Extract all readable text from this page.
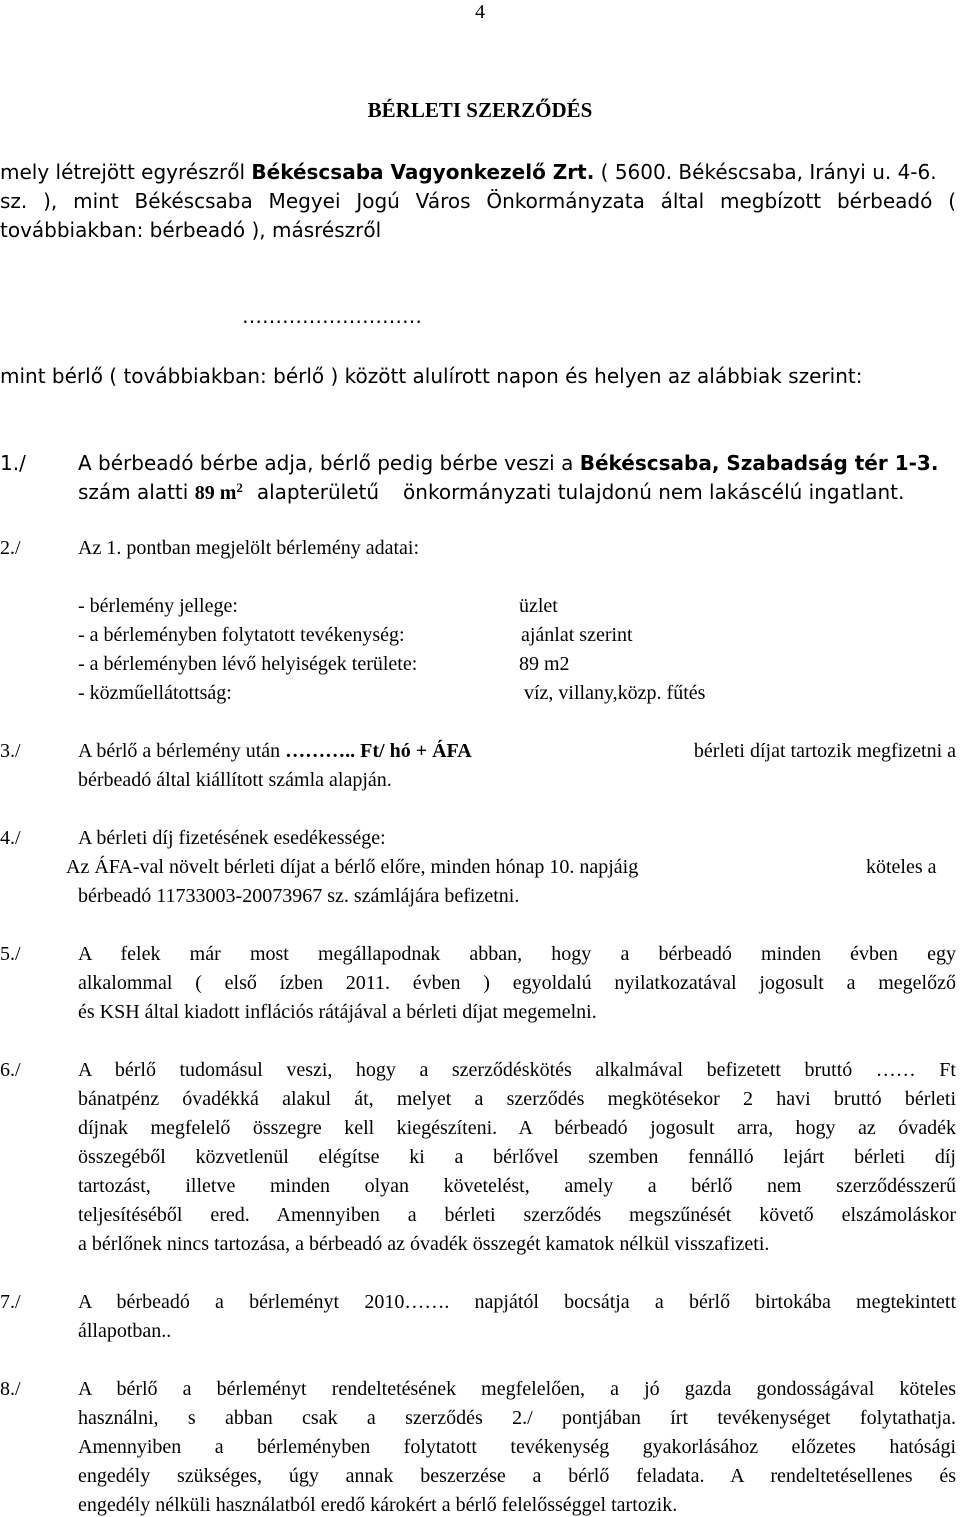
4
BÉRLETI SZERZŐDÉS
mely létrejött egyrészről Békéscsaba Vagyonkezelő Zrt. ( 5600. Békéscsaba, Irányi u. 4-6.
sz. ), mint Békéscsaba Megyei Jogú Város Önkormányzata által megbízott bérbeadó (
továbbiakban: bérbeadó ), másrészről
………………………
mint bérlő ( továbbiakban: bérlő ) között alulírott napon és helyen az alábbiak szerint:
1./	A bérbeadó bérbe adja, bérlő pedig bérbe veszi a Békéscsaba, Szabadság tér 1-3.
szám alatti 89 $m^2$ alapterületű önkormányzati tulajdonú nem lakáscélú ingatlant.
2./	Az 1. pontban megjelölt bérlemény adatai:
- bérlemény jellege:	üzlet
- a bérleményben folytatott tevékenység:	ajánlat szerint
- a bérleményben lévő helyiségek területe:	89 m2
- közműellátottság:	víz, villany,közp. fűtés
3./	A bérlő a bérlemény után ……….. Ft/ hó + ÁFA	bérleti díjat tartozik megfizetni a
bérbeadó által kiállított számla alapján.
4./	A bérleti díj fizetésének esedékessége:
Az ÁFA-val növelt bérleti díjat a bérlő előre, minden hónap 10. napjáig	köteles a
bérbeadó 11733003-20073967 sz. számlájára befizetni.
5./	A felek már most megállapodnak abban, hogy a bérbeadó minden évben egy
alkalommal ( első ízben 2011. évben ) egyoldalú nyilatkozatával jogosult a megelőző
és KSH által kiadott inflációs rátájával a bérleti díjat megemelni.
6./	A bérlő tudomásul veszi, hogy a szerződéskötés alkalmával befizetett bruttó …… Ft
bánatpénz óvadékká alakul át, melyet a szerződés megkötésekor 2 havi bruttó bérleti
díjnak megfelelő összegre kell kiegészíteni. A bérbeadó jogosult arra, hogy az óvadék
összegéből közvetlenül elégítse ki a bérlővel szemben fennálló lejárt bérleti díj
tartozást, illetve minden olyan követelést, amely a bérlő nem szerződésszerű
teljesítéséből ered. Amennyiben a bérleti szerződés megszűnését követő elszámoláskor
a bérlőnek nincs tartozása, a bérbeadó az óvadék összegét kamatok nélkül visszafizeti.
7./	A bérbeadó a bérleményt 2010……. napjától bocsátja a bérlő birtokába megtekintett
állapotban..
8./	A bérlő a bérleményt rendeltetésének megfelelően, a jó gazda gondosságával köteles
használni, s abban csak a szerződés 2./ pontjában írt tevékenységet folytathatja.
Amennyiben a bérleményben folytatott tevékenység gyakorlásához előzetes hatósági
engedély szükséges, úgy annak beszerzése a bérlő feladata. A rendeltetésellenes és
engedély nélküli használatból eredő károkért a bérlő felelősséggel tartozik.
